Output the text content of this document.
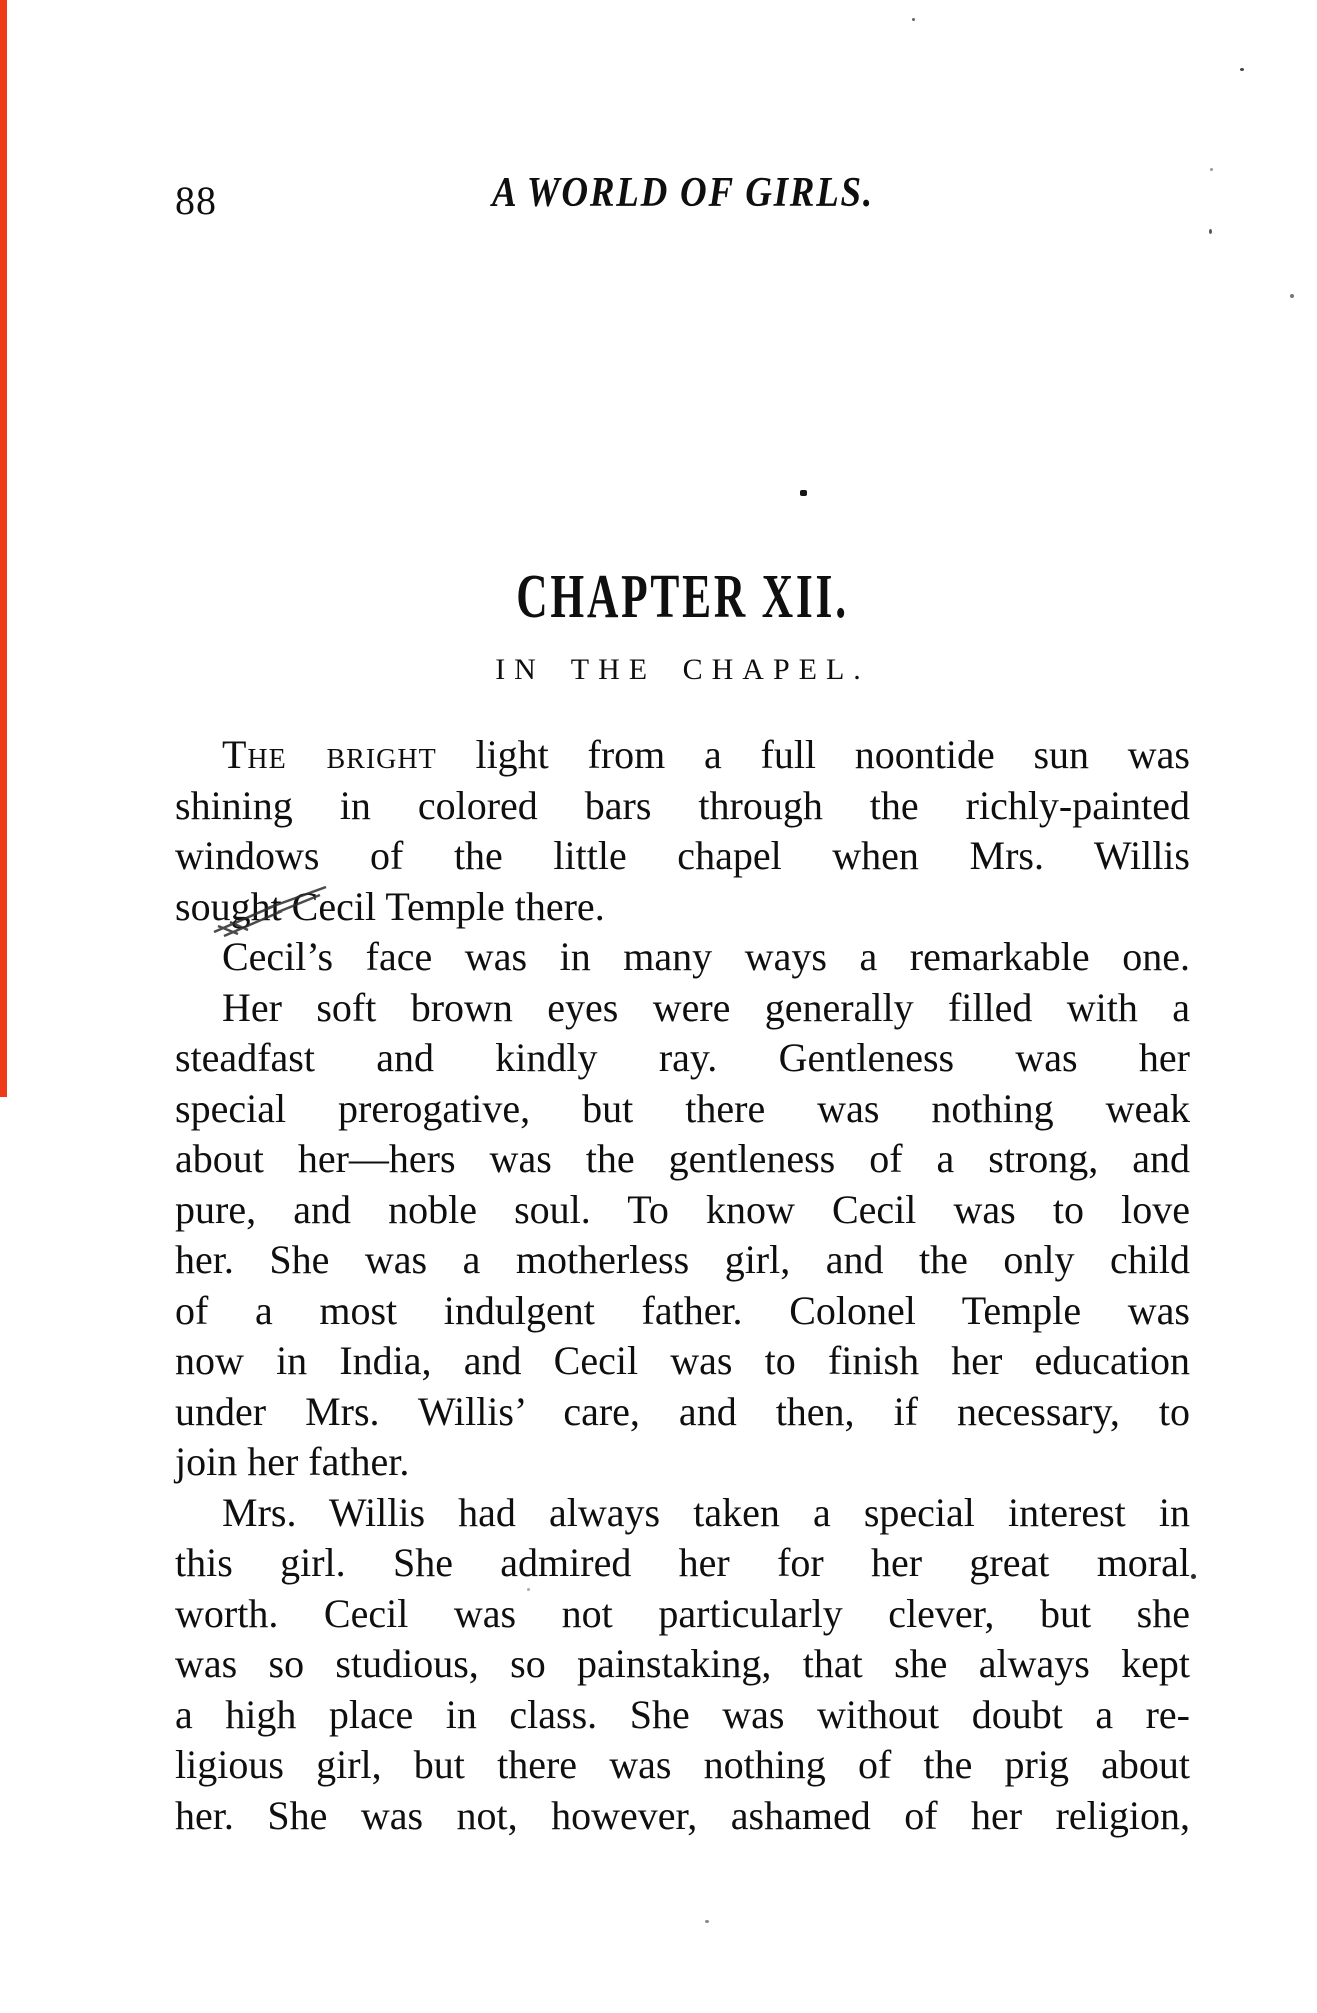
88	A WORLD OF GIRLS.
CHAPTER XII.
IN THE CHAPEL.
The bright light from a full noontide sun was
shining in colored bars through the richly-painted
windows of the little chapel when Mrs. Willis
sought Cecil Temple there.
Cecil’s face was in many ways a remarkable one.
Her soft brown eyes were generally filled with a
steadfast and kindly ray. Gentleness was her
special prerogative, but there was nothing weak
about her—hers was the gentleness of a strong, and
pure, and noble soul. To know Cecil was to love
her. She was a motherless girl, and the only child
of a most indulgent father. Colonel Temple was
now in India, and Cecil was to finish her education
under Mrs. Willis’ care, and then, if necessary, to
join her father.
Mrs. Willis had always taken a special interest in
this girl. She admired her for her great moral
worth. Cecil was not particularly clever, but she
was so studious, so painstaking, that she always kept
a high place in class. She was without doubt a re-
ligious girl, but there was nothing of the prig about
her. She was not, however, ashamed of her religion,
